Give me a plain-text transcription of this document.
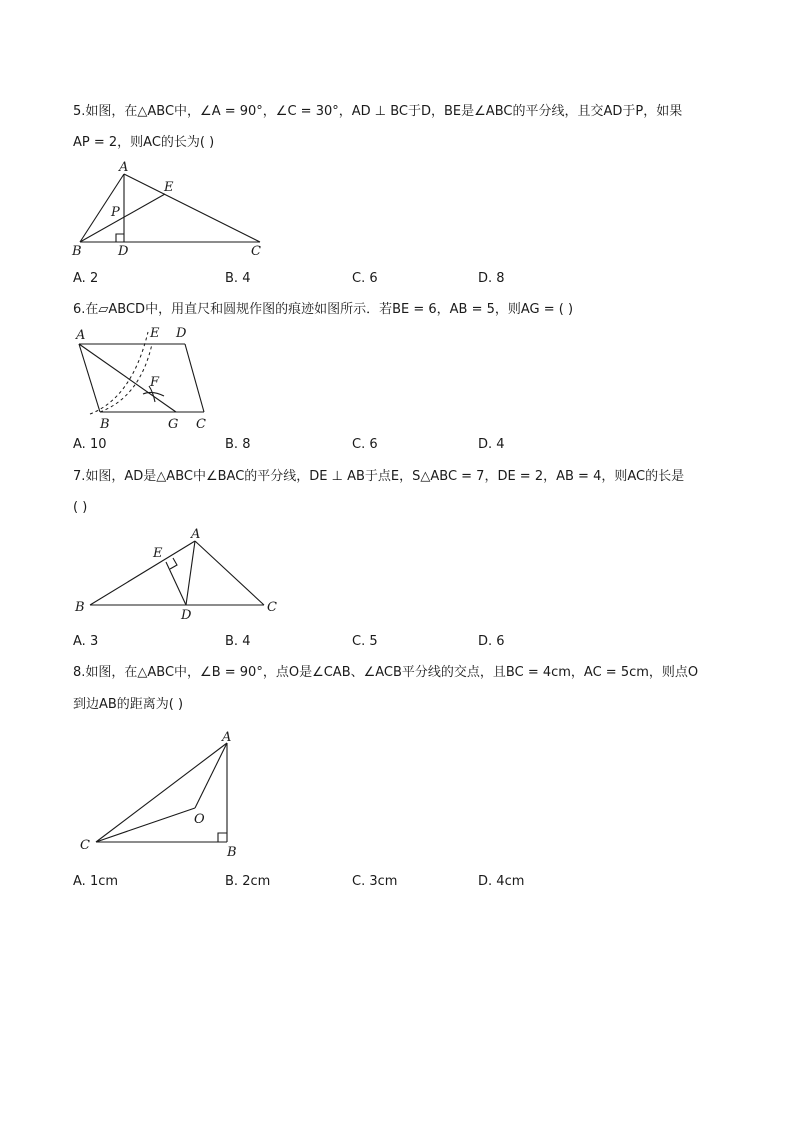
5.如图，在△ABC中，∠A = 90°，∠C = 30°，AD ⊥ BC于D，BE是∠ABC的平分线，且交AD于P，如果
AP = 2，则AC的长为( )
A
E
P
B	D	C
A. 2	B. 4	C. 6	D. 8
6.在▱ABCD中，用直尺和圆规作图的痕迹如图所示．若BE = 6，AB = 5，则AG = ( )
A	E D
F
B	G C
A. 10	B. 8	C. 6	D. 4
7.如图，AD是△ABC中∠BAC的平分线，DE ⊥ AB于点E，S△ABC = 7，DE = 2，AB = 4，则AC的长是
( )
A
E
B
D
C
A. 3	B. 4	C. 5	D. 6
8.如图，在△ABC中，∠B = 90°，点O是∠CAB、∠ACB平分线的交点，且BC = 4cm，AC = 5cm，则点O
到边AB的距离为( )
A
O
C	B
A. 1cm	B. 2cm	C. 3cm	D. 4cm
